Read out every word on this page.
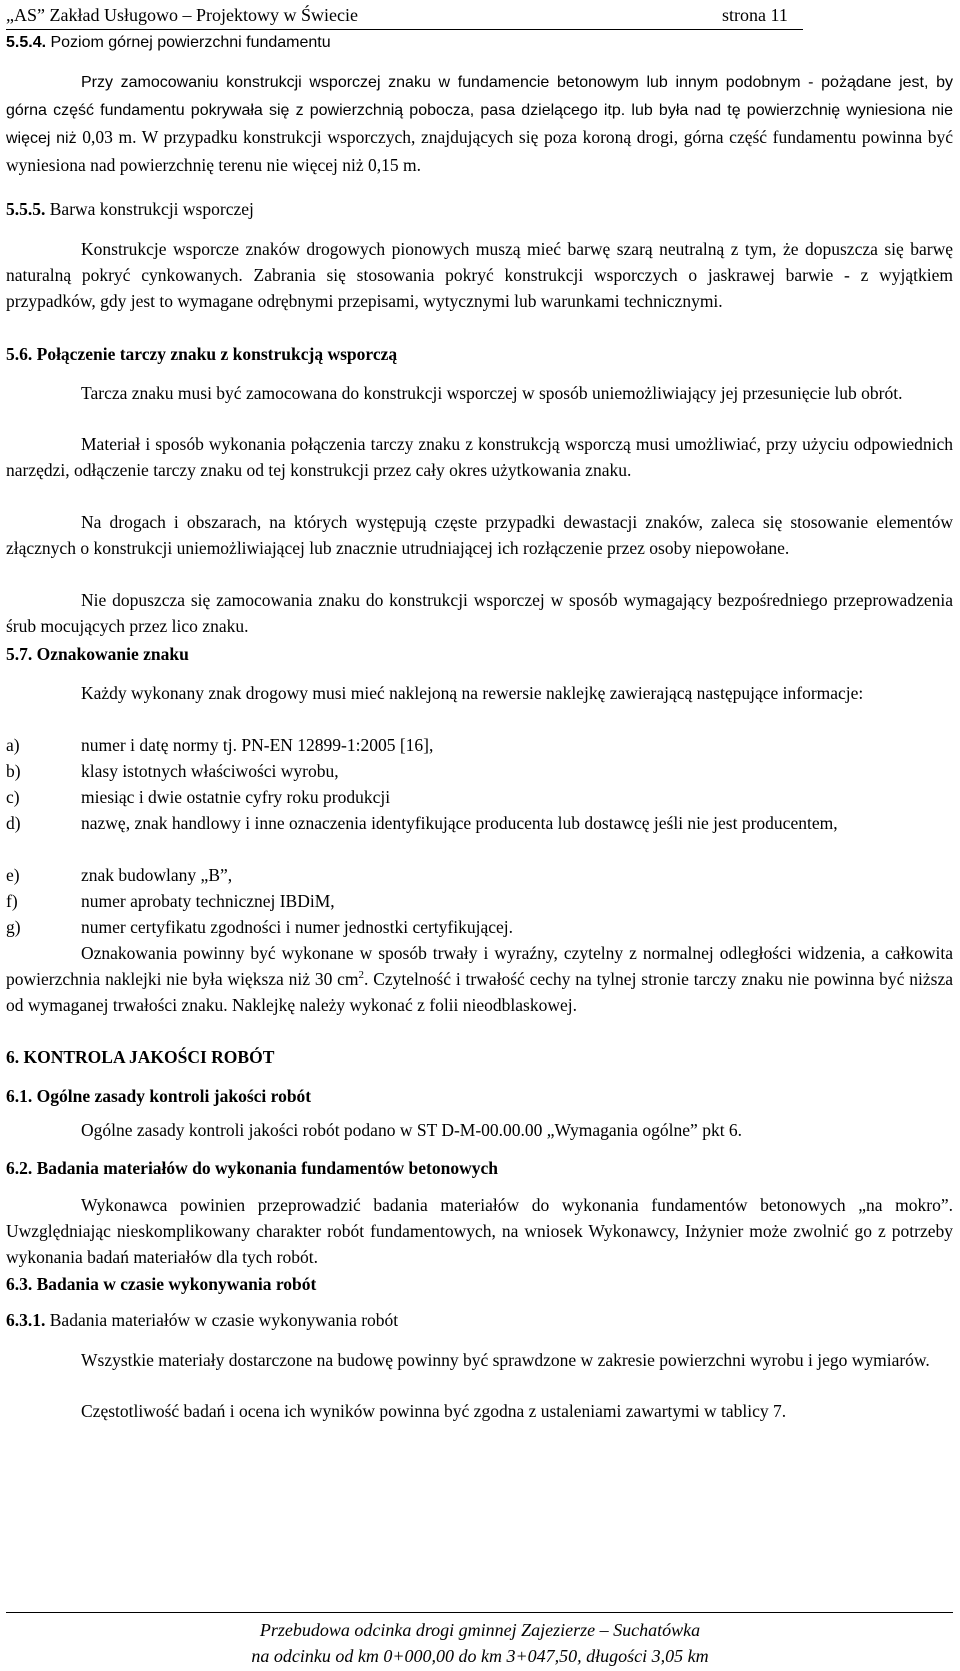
„AS” Zakład Usługowo – Projektowy w Świecie	strona 11
5.5.4. Poziom górnej powierzchni fundamentu

Przy zamocowaniu konstrukcji wsporczej znaku w fundamencie betonowym lub innym podobnym - pożądane jest, by górna część fundamentu pokrywała się z powierzchnią pobocza, pasa dzielącego itp. lub była nad tę powierzchnię wyniesiona nie więcej niż 0,03 m. W przypadku konstrukcji wsporczych, znajdujących się poza koroną drogi, górna część fundamentu powinna być wyniesiona nad powierzchnię terenu nie więcej niż 0,15 m.

5.5.5. Barwa konstrukcji wsporczej

Konstrukcje wsporcze znaków drogowych pionowych muszą mieć barwę szarą neutralną z tym, że dopuszcza się barwę naturalną pokryć cynkowanych. Zabrania się stosowania pokryć konstrukcji wsporczych o jaskrawej barwie - z wyjątkiem przypadków, gdy jest to wymagane odrębnymi przepisami, wytycznymi lub warunkami technicznymi.

5.6. Połączenie tarczy znaku z konstrukcją wsporczą

Tarcza znaku musi być zamocowana do konstrukcji wsporczej w sposób uniemożliwiający jej przesunięcie lub obrót.

Materiał i sposób wykonania połączenia tarczy znaku z konstrukcją wsporczą musi umożliwiać, przy użyciu odpowiednich narzędzi, odłączenie tarczy znaku od tej konstrukcji przez cały okres użytkowania znaku.

Na drogach i obszarach, na których występują częste przypadki dewastacji znaków, zaleca się stosowanie elementów złącznych o konstrukcji uniemożliwiającej lub znacznie utrudniającej ich rozłączenie przez osoby niepowołane.

Nie dopuszcza się zamocowania znaku do konstrukcji wsporczej w sposób wymagający bezpośredniego przeprowadzenia śrub mocujących przez lico znaku.

5.7. Oznakowanie znaku

Każdy wykonany znak drogowy musi mieć naklejoną na rewersie naklejkę zawierającą następujące informacje:

a)	numer i datę normy tj. PN-EN 12899-1:2005 [16],
b)	klasy istotnych właściwości wyrobu,
c)	miesiąc i dwie ostatnie cyfry roku produkcji
d)	nazwę, znak handlowy i inne oznaczenia identyfikujące producenta lub dostawcę jeśli nie jest producentem,
e)	znak budowlany „B”,
f)	numer aprobaty technicznej IBDiM,
g)	numer certyfikatu zgodności i numer jednostki certyfikującej.

Oznakowania powinny być wykonane w sposób trwały i wyraźny, czytelny z normalnej odległości widzenia, a całkowita powierzchnia naklejki nie była większa niż 30 $cm^2$. Czytelność i trwałość cechy na tylnej stronie tarczy znaku nie powinna być niższa od wymaganej trwałości znaku. Naklejkę należy wykonać z folii nieodblaskowej.

6. KONTROLA JAKOŚCI ROBÓT
6.1. Ogólne zasady kontroli jakości robót

Ogólne zasady kontroli jakości robót podano w ST D-M-00.00.00 „Wymagania ogólne” pkt 6.

6.2. Badania materiałów do wykonania fundamentów betonowych

Wykonawca powinien przeprowadzić badania materiałów do wykonania fundamentów betonowych „na mokro”. Uwzględniając nieskomplikowany charakter robót fundamentowych, na wniosek Wykonawcy, Inżynier może zwolnić go z potrzeby wykonania badań materiałów dla tych robót.

6.3. Badania w czasie wykonywania robót
6.3.1. Badania materiałów w czasie wykonywania robót

Wszystkie materiały dostarczone na budowę powinny być sprawdzone w zakresie powierzchni wyrobu i jego wymiarów.

Częstotliwość badań i ocena ich wyników powinna być zgodna z ustaleniami zawartymi w tablicy 7.

Przebudowa odcinka drogi gminnej Zajezierze – Suchatówka
na odcinku od km 0+000,00 do km 3+047,50, długości 3,05 km
